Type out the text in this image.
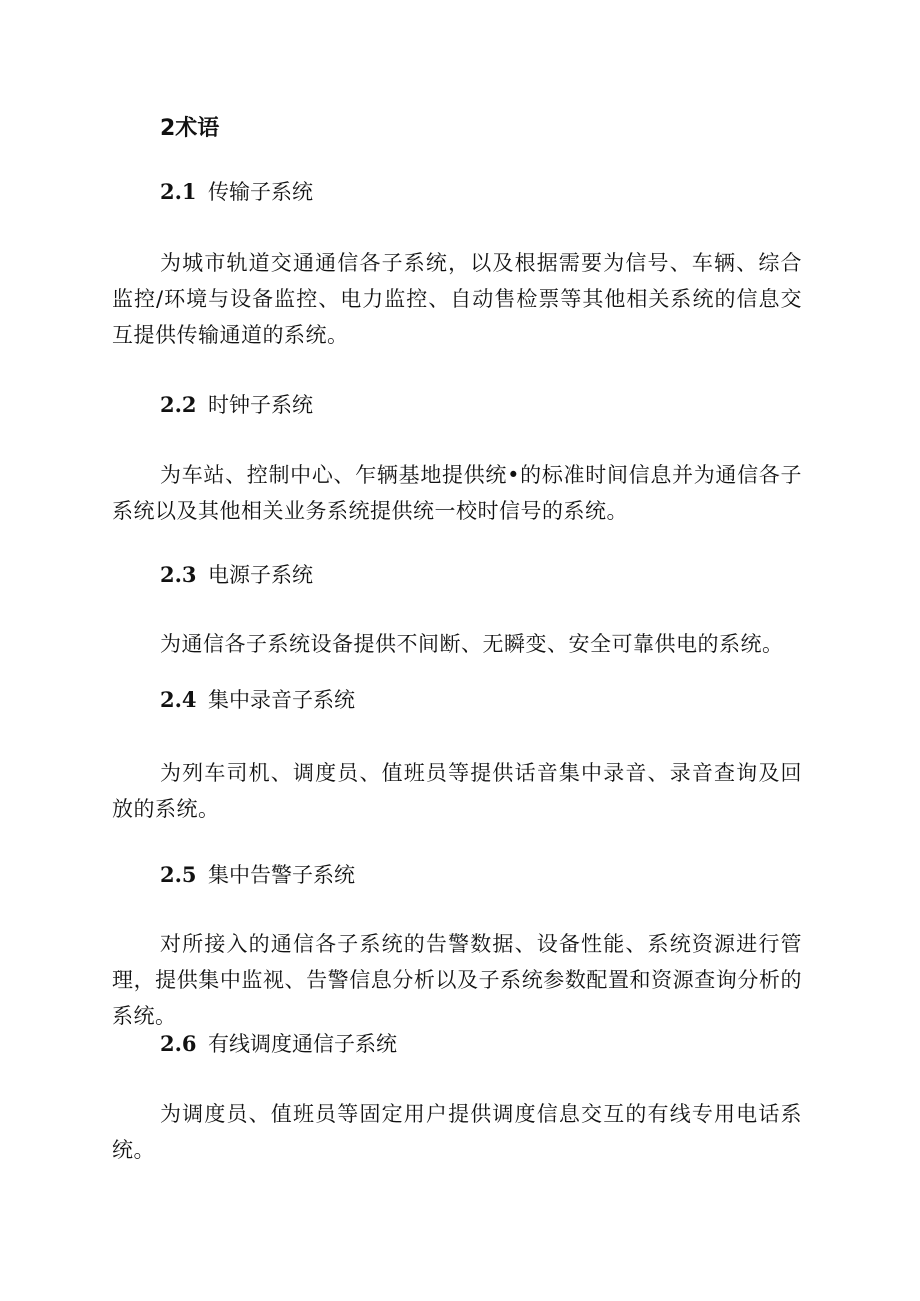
2术语
2.1 传输子系统
为城市轨道交通通信各子系统，以及根据需要为信号、车辆、综合监控/环境与设备监控、电力监控、自动售检票等其他相关系统的信息交互提供传输通道的系统。
2.2 时钟子系统
为车站、控制中心、乍辆基地提供统•的标准时间信息并为通信各子系统以及其他相关业务系统提供统一校时信号的系统。
2.3 电源子系统
为通信各子系统设备提供不间断、无瞬变、安全可靠供电的系统。
2.4 集中录音子系统
为列车司机、调度员、值班员等提供话音集中录音、录音查询及回放的系统。
2.5 集中告警子系统
对所接入的通信各子系统的告警数据、设备性能、系统资源进行管理，提供集中监视、告警信息分析以及子系统参数配置和资源查询分析的系统。
2.6 有线调度通信子系统
为调度员、值班员等固定用户提供调度信息交互的有线专用电话系统。
